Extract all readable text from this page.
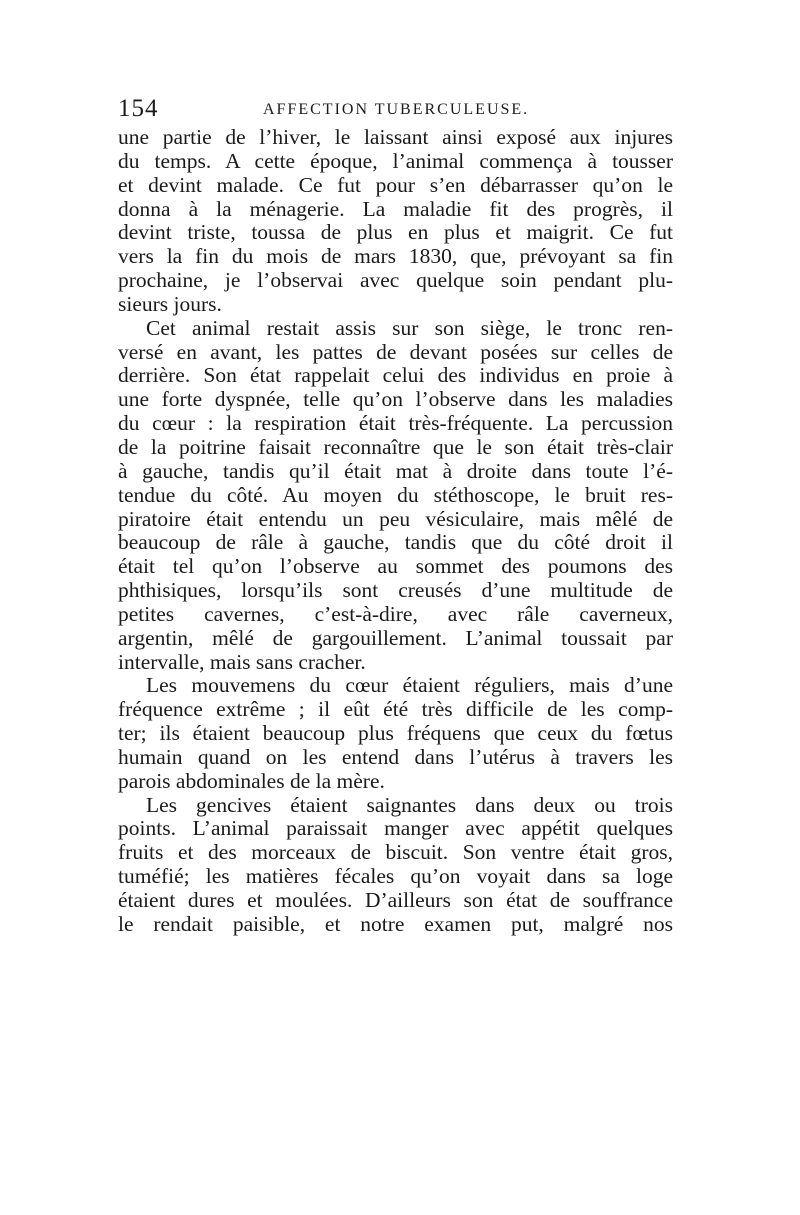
154	AFFECTION TUBERCULEUSE.
une partie de l’hiver, le laissant ainsi exposé aux injures
du temps. A cette époque, l’animal commença à tousser
et devint malade. Ce fut pour s’en débarrasser qu’on le
donna à la ménagerie. La maladie fit des progrès, il
devint triste, toussa de plus en plus et maigrit. Ce fut
vers la fin du mois de mars 1830, que, prévoyant sa fin
prochaine, je l’observai avec quelque soin pendant plu-
sieurs jours.
Cet animal restait assis sur son siège, le tronc ren-
versé en avant, les pattes de devant posées sur celles de
derrière. Son état rappelait celui des individus en proie à
une forte dyspnée, telle qu’on l’observe dans les maladies
du cœur : la respiration était très-fréquente. La percussion
de la poitrine faisait reconnaître que le son était très-clair
à gauche, tandis qu’il était mat à droite dans toute l’é-
tendue du côté. Au moyen du stéthoscope, le bruit res-
piratoire était entendu un peu vésiculaire, mais mêlé de
beaucoup de râle à gauche, tandis que du côté droit il
était tel qu’on l’observe au sommet des poumons des
phthisiques, lorsqu’ils sont creusés d’une multitude de
petites cavernes, c’est-à-dire, avec râle caverneux,
argentin, mêlé de gargouillement. L’animal toussait par
intervalle, mais sans cracher.
Les mouvemens du cœur étaient réguliers, mais d’une
fréquence extrême ; il eût été très difficile de les comp-
ter; ils étaient beaucoup plus fréquens que ceux du fœtus
humain quand on les entend dans l’utérus à travers les
parois abdominales de la mère.
Les gencives étaient saignantes dans deux ou trois
points. L’animal paraissait manger avec appétit quelques
fruits et des morceaux de biscuit. Son ventre était gros,
tuméfié; les matières fécales qu’on voyait dans sa loge
étaient dures et moulées. D’ailleurs son état de souffrance
le rendait paisible, et notre examen put, malgré nos
